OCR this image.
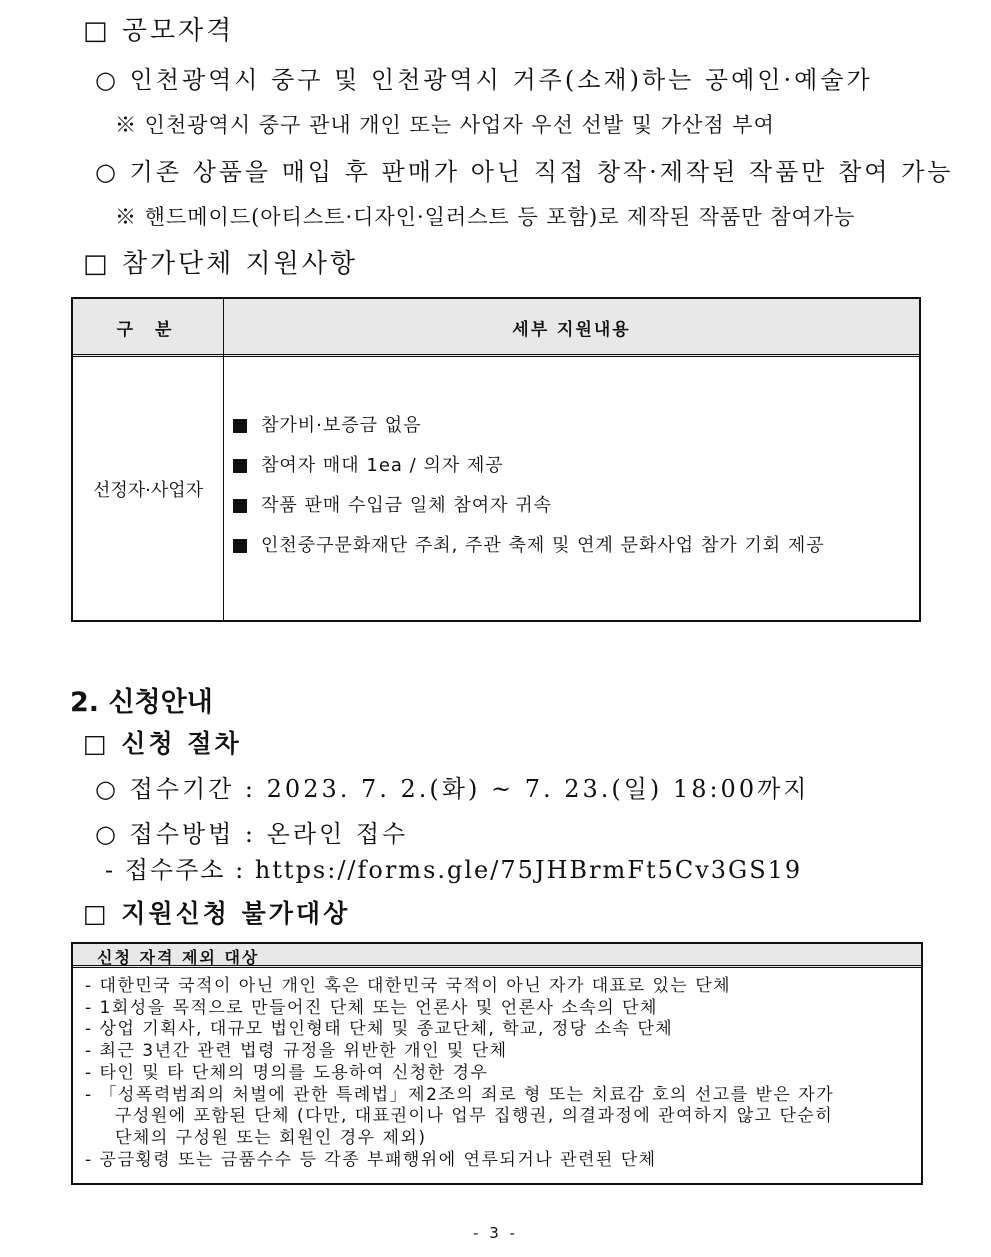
□ 공모자격
○ 인천광역시 중구 및 인천광역시 거주(소재)하는 공예인·예술가
※ 인천광역시 중구 관내 개인 또는 사업자 우선 선발 및 가산점 부여
○ 기존 상품을 매입 후 판매가 아닌 직접 창작·제작된 작품만 참여 가능
※ 핸드메이드(아티스트·디자인·일러스트 등 포함)로 제작된 작품만 참여가능
□ 참가단체 지원사항
구 분	세부 지원내용
선정자·사업자
참가비·보증금 없음
참여자 매대 1ea / 의자 제공
작품 판매 수입금 일체 참여자 귀속
인천중구문화재단 주최, 주관 축제 및 연계 문화사업 참가 기회 제공
2. 신청안내
□ 신청 절차
○ 접수기간 : 2023. 7. 2.(화) ~ 7. 23.(일) 18:00까지
○ 접수방법 : 온라인 접수
- 접수주소 : https://forms.gle/75JHBrmFt5Cv3GS19
□ 지원신청 불가대상
신청 자격 제외 대상
- 대한민국 국적이 아닌 개인 혹은 대한민국 국적이 아닌 자가 대표로 있는 단체
- 1회성을 목적으로 만들어진 단체 또는 언론사 및 언론사 소속의 단체
- 상업 기획사, 대규모 법인형태 단체 및 종교단체, 학교, 정당 소속 단체
- 최근 3년간 관련 법령 규정을 위반한 개인 및 단체
- 타인 및 타 단체의 명의를 도용하여 신청한 경우
- 「성폭력범죄의 처벌에 관한 특례법」제2조의 죄로 형 또는 치료감 호의 선고를 받은 자가
구성원에 포함된 단체 (다만, 대표권이나 업무 집행권, 의결과정에 관여하지 않고 단순히
단체의 구성원 또는 회원인 경우 제외)
- 공금횡령 또는 금품수수 등 각종 부패행위에 연루되거나 관련된 단체
- 3 -
